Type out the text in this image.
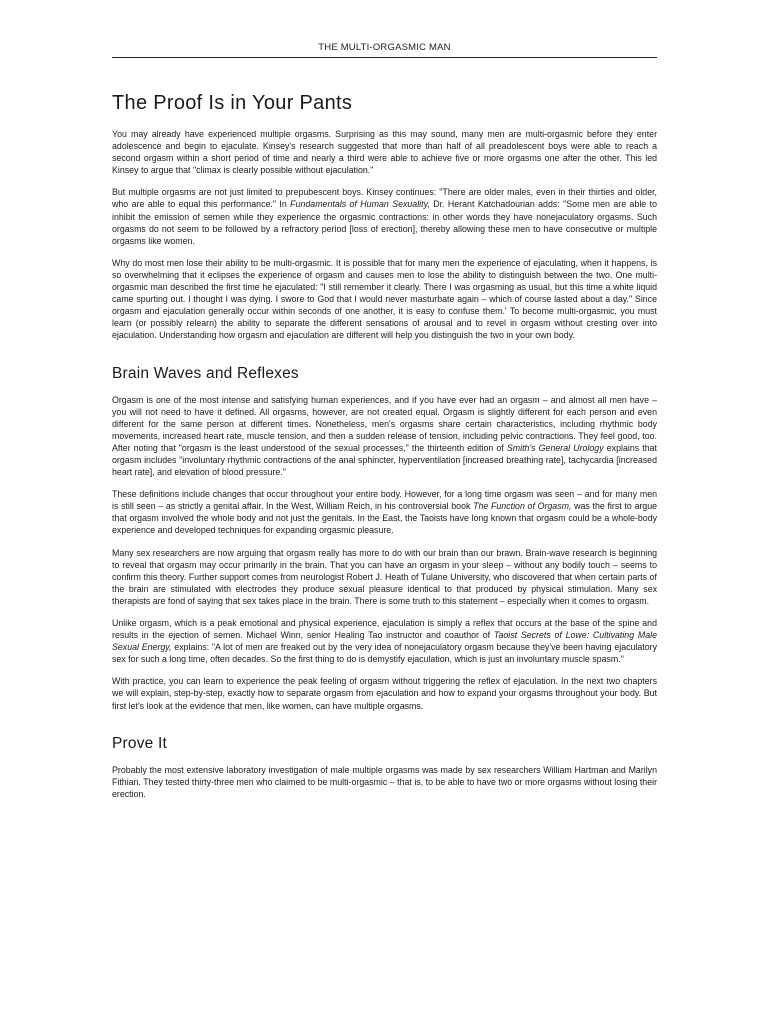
THE MULTI-ORGASMIC MAN
The Proof Is in Your Pants

You may already have experienced multiple orgasms. Surprising as this may sound, many men are multi-orgasmic before they enter adolescence and begin to ejaculate. Kinsey's research suggested that more than half of all preadolescent boys were able to reach a second orgasm within a short period of time and nearly a third were able to achieve five or more orgasms one after the other. This led Kinsey to argue that "climax is clearly possible without ejaculation."

But multiple orgasms are not just limited to prepubescent boys. Kinsey continues: "There are older males, even in their thirties and older, who are able to equal this performance." In Fundamentals of Human Sexuality, Dr. Herant Katchadourian adds: "Some men are able to inhibit the emission of semen while they experience the orgasmic contractions: in other words they have nonejaculatory orgasms. Such orgasms do not seem to be followed by a refractory period [loss of erection], thereby allowing these men to have consecutive or multiple orgasms like women.

Why do most men lose their ability to be multi-orgasmic. It is possible that for many men the experience of ejaculating, when it happens, is so overwhelming that it eclipses the experience of orgasm and causes men to lose the ability to distinguish between the two. One multi-orgasmic man described the first time he ejaculated: "I still remember it clearly. There I was orgasming as usual, but this time a white liquid came spurting out. I thought I was dying. I swore to God that I would never masturbate again – which of course lasted about a day." Since orgasm and ejaculation generally occur within seconds of one another, it is easy to confuse them.' To become multi-orgasmic, you must learn (or possibly relearn) the ability to separate the different sensations of arousal and to revel in orgasm without cresting over into ejaculation. Understanding how orgasm and ejaculation are different will help you distinguish the two in your own body.

Brain Waves and Reflexes

Orgasm is one of the most intense and satisfying human experiences, and if you have ever had an orgasm – and almost all men have – you will not need to have it defined. All orgasms, however, are not created equal. Orgasm is slightly different for each person and even different for the same person at different times. Nonetheless, men's orgasms share certain characteristics, including rhythmic body movements, increased heart rate, muscle tension, and then a sudden release of tension, including pelvic contractions. They feel good, too. After noting that "orgasm is the least understood of the sexual processes," the thirteenth edition of Smith's General Urology explains that orgasm includes "involuntary rhythmic contractions of the anal sphincter, hyperventilation [increased breathing rate], tachycardia [increased heart rate], and elevation of blood pressure."

These definitions include changes that occur throughout your entire body. However, for a long time orgasm was seen – and for many men is still seen – as strictly a genital affair. In the West, William Reich, in his controversial book The Function of Orgasm, was the first to argue that orgasm involved the whole body and not just the genitals. In the East, the Taoists have long known that orgasm could be a whole-body experience and developed techniques for expanding orgasmic pleasure.

Many sex researchers are now arguing that orgasm really has more to do with our brain than our brawn. Brain-wave research is beginning to reveal that orgasm may occur primarily in the brain. That you can have an orgasm in your sleep – without any bodily touch – seems to confirm this theory. Further support comes from neurologist Robert J. Heath of Tulane University, who discovered that when certain parts of the brain are stimulated with electrodes they produce sexual pleasure identical to that produced by physical stimulation. Many sex therapists are fond of saying that sex takes place in the brain. There is some truth to this statement – especially when it comes to orgasm.

Unlike orgasm, which is a peak emotional and physical experience, ejaculation is simply a reflex that occurs at the base of the spine and results in the ejection of semen. Michael Winn, senior Healing Tao instructor and coauthor of Taoist Secrets of Lowe: Cultivating Male Sexual Energy, explains: "A lot of men are freaked out by the very idea of nonejaculatory orgasm because they've been having ejaculatory sex for such a long time, often decades. So the first thing to do is demystify ejaculation, which is just an involuntary muscle spasm."

With practice, you can learn to experience the peak feeling of orgasm without triggering the reflex of ejaculation. In the next two chapters we will explain, step-by-step, exactly how to separate orgasm from ejaculation and how to expand your orgasms throughout your body. But first let's look at the evidence that men, like women, can have multiple orgasms.

Prove It

Probably the most extensive laboratory investigation of male multiple orgasms was made by sex researchers William Hartman and Marilyn Fithian. They tested thirty-three men who claimed to be multi-orgasmic – that is, to be able to have two or more orgasms without losing their erection.
